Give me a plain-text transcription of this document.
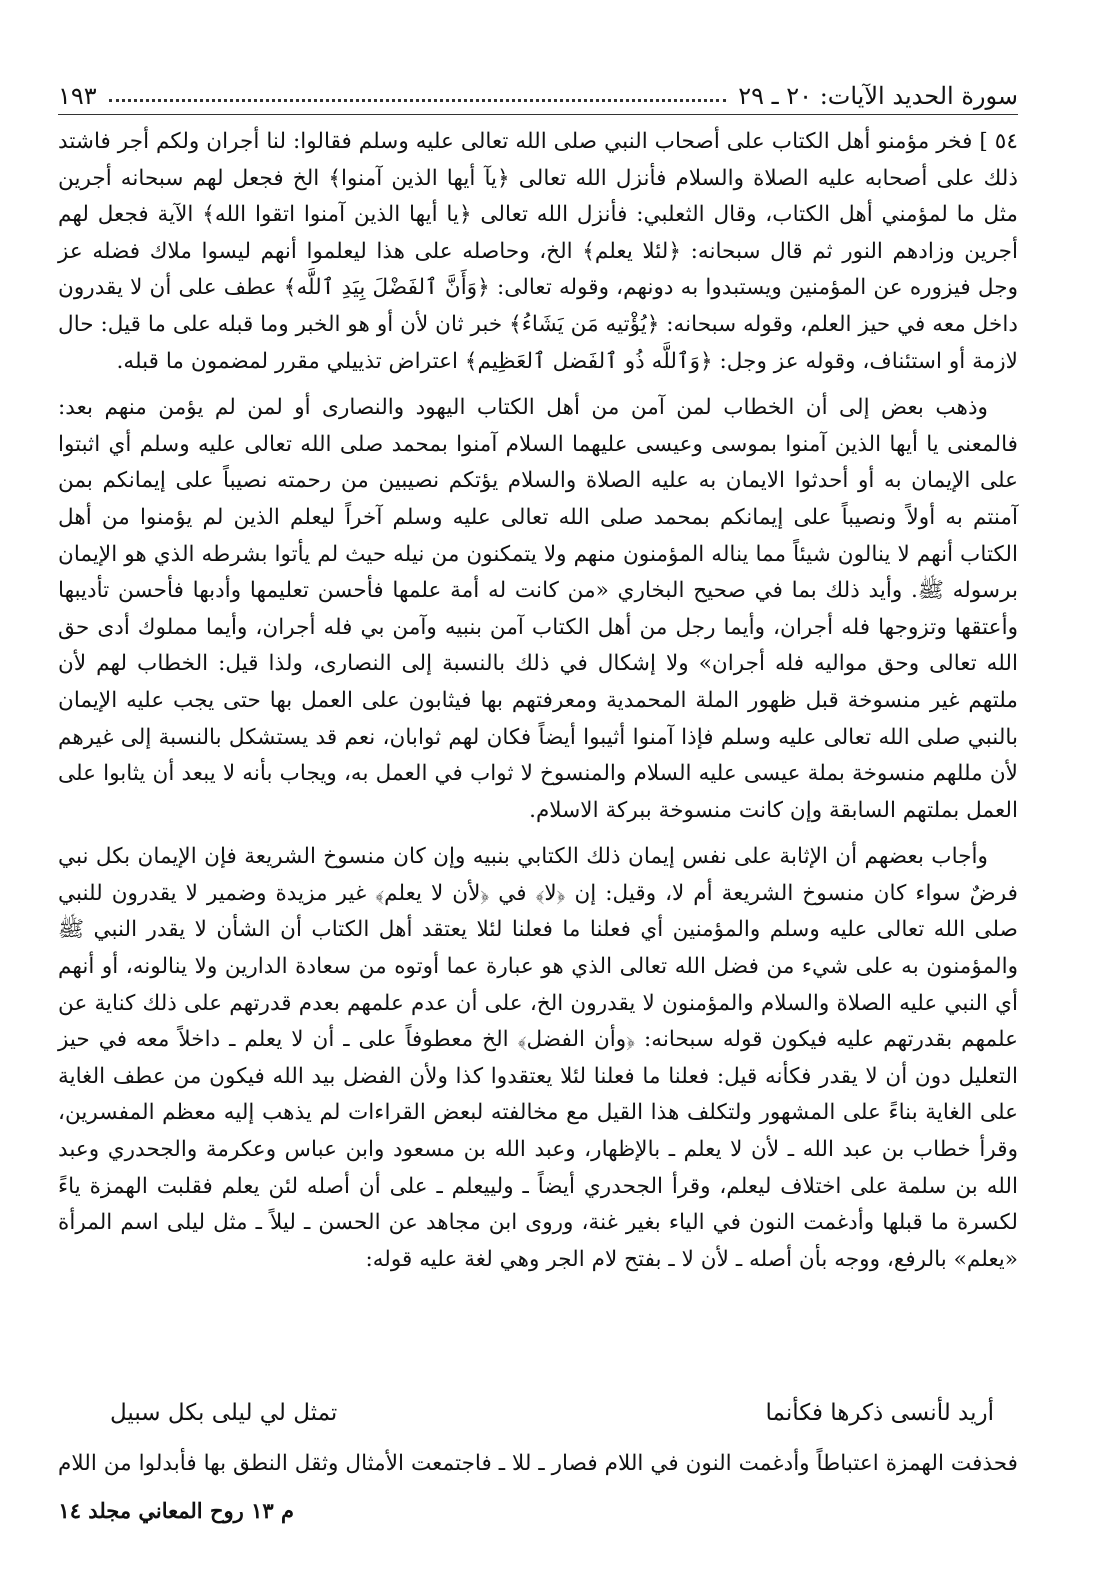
سورة الحديد الآيات: ٢٠ ـ ٢٩
١٩٣

٥٤ ] فخر مؤمنو أهل الكتاب على أصحاب النبي صلى الله تعالى عليه وسلم فقالوا: لنا أجران ولكم أجر فاشتد ذلك على أصحابه عليه الصلاة والسلام فأنزل الله تعالى ﴿يآ أيها الذين آمنوا﴾ الخ فجعل لهم سبحانه أجرين مثل ما لمؤمني أهل الكتاب، وقال الثعلبي: فأنزل الله تعالى ﴿يا أيها الذين آمنوا اتقوا الله﴾ الآية فجعل لهم أجرين وزادهم النور ثم قال سبحانه: ﴿لئلا يعلم﴾ الخ، وحاصله على هذا ليعلموا أنهم ليسوا ملاك فضله عز وجل فيزوره عن المؤمنين ويستبدوا به دونهم، وقوله تعالى: ﴿وَأَنَّ ٱلفَضْلَ بِيَدِ ٱللَّه﴾ عطف على أن لا يقدرون داخل معه في حيز العلم، وقوله سبحانه: ﴿يُؤْتيه مَن يَشَاءُ﴾ خبر ثان لأن أو هو الخبر وما قبله على ما قيل: حال لازمة أو استئناف، وقوله عز وجل: ﴿وَٱللَّه ذُو ٱلفَضل ٱلعَظِيم﴾ اعتراض تذييلي مقرر لمضمون ما قبله.

وذهب بعض إلى أن الخطاب لمن آمن من أهل الكتاب اليهود والنصارى أو لمن لم يؤمن منهم بعد: فالمعنى يا أيها الذين آمنوا بموسى وعيسى عليهما السلام آمنوا بمحمد صلى الله تعالى عليه وسلم أي اثبتوا على الإيمان به أو أحدثوا الايمان به عليه الصلاة والسلام يؤتكم نصيبين من رحمته نصيباً على إيمانكم بمن آمنتم به أولاً ونصيباً على إيمانكم بمحمد صلى الله تعالى عليه وسلم آخراً ليعلم الذين لم يؤمنوا من أهل الكتاب أنهم لا ينالون شيئاً مما يناله المؤمنون منهم ولا يتمكنون من نيله حيث لم يأتوا بشرطه الذي هو الإيمان برسوله ﷺ. وأيد ذلك بما في صحيح البخاري «من كانت له أمة علمها فأحسن تعليمها وأدبها فأحسن تأديبها وأعتقها وتزوجها فله أجران، وأيما رجل من أهل الكتاب آمن بنبيه وآمن بي فله أجران، وأيما مملوك أدى حق الله تعالى وحق مواليه فله أجران» ولا إشكال في ذلك بالنسبة إلى النصارى، ولذا قيل: الخطاب لهم لأن ملتهم غير منسوخة قبل ظهور الملة المحمدية ومعرفتهم بها فيثابون على العمل بها حتى يجب عليه الإيمان بالنبي صلى الله تعالى عليه وسلم فإذا آمنوا أثيبوا أيضاً فكان لهم ثوابان، نعم قد يستشكل بالنسبة إلى غيرهم لأن مللهم منسوخة بملة عيسى عليه السلام والمنسوخ لا ثواب في العمل به، ويجاب بأنه لا يبعد أن يثابوا على العمل بملتهم السابقة وإن كانت منسوخة ببركة الاسلام.

وأجاب بعضهم أن الإثابة على نفس إيمان ذلك الكتابي بنبيه وإن كان منسوخ الشريعة فإن الإيمان بكل نبي فرضٌ سواء كان منسوخ الشريعة أم لا، وقيل: إن ﴿لا﴾ في ﴿لأن لا يعلم﴾ غير مزيدة وضمير لا يقدرون للنبي صلى الله تعالى عليه وسلم والمؤمنين أي فعلنا ما فعلنا لئلا يعتقد أهل الكتاب أن الشأن لا يقدر النبي ﷺ والمؤمنون به على شيء من فضل الله تعالى الذي هو عبارة عما أوتوه من سعادة الدارين ولا ينالونه، أو أنهم أي النبي عليه الصلاة والسلام والمؤمنون لا يقدرون الخ، على أن عدم علمهم بعدم قدرتهم على ذلك كناية عن علمهم بقدرتهم عليه فيكون قوله سبحانه: ﴿وأن الفضل﴾ الخ معطوفاً على ـ أن لا يعلم ـ داخلاً معه في حيز التعليل دون أن لا يقدر فكأنه قيل: فعلنا ما فعلنا لئلا يعتقدوا كذا ولأن الفضل بيد الله فيكون من عطف الغاية على الغاية بناءً على المشهور ولتكلف هذا القيل مع مخالفته لبعض القراءات لم يذهب إليه معظم المفسرين، وقرأ خطاب بن عبد الله ـ لأن لا يعلم ـ بالإظهار، وعبد الله بن مسعود وابن عباس وعكرمة والجحدري وعبد الله بن سلمة على اختلاف ليعلم، وقرأ الجحدري أيضاً ـ ولييعلم ـ على أن أصله لئن يعلم فقلبت الهمزة ياءً لكسرة ما قبلها وأدغمت النون في الياء بغير غنة، وروى ابن مجاهد عن الحسن ـ ليلاً ـ مثل ليلى اسم المرأة «يعلم» بالرفع، ووجه بأن أصله ـ لأن لا ـ بفتح لام الجر وهي لغة عليه قوله:

أريد لأنسى ذكرها فكأنما
تمثل لي ليلى بكل سبيل
فحذفت الهمزة اعتباطاً وأدغمت النون في اللام فصار ـ للا ـ فاجتمعت الأمثال وثقل النطق بها فأبدلوا من اللام
م ١٣ روح المعاني مجلد ١٤
